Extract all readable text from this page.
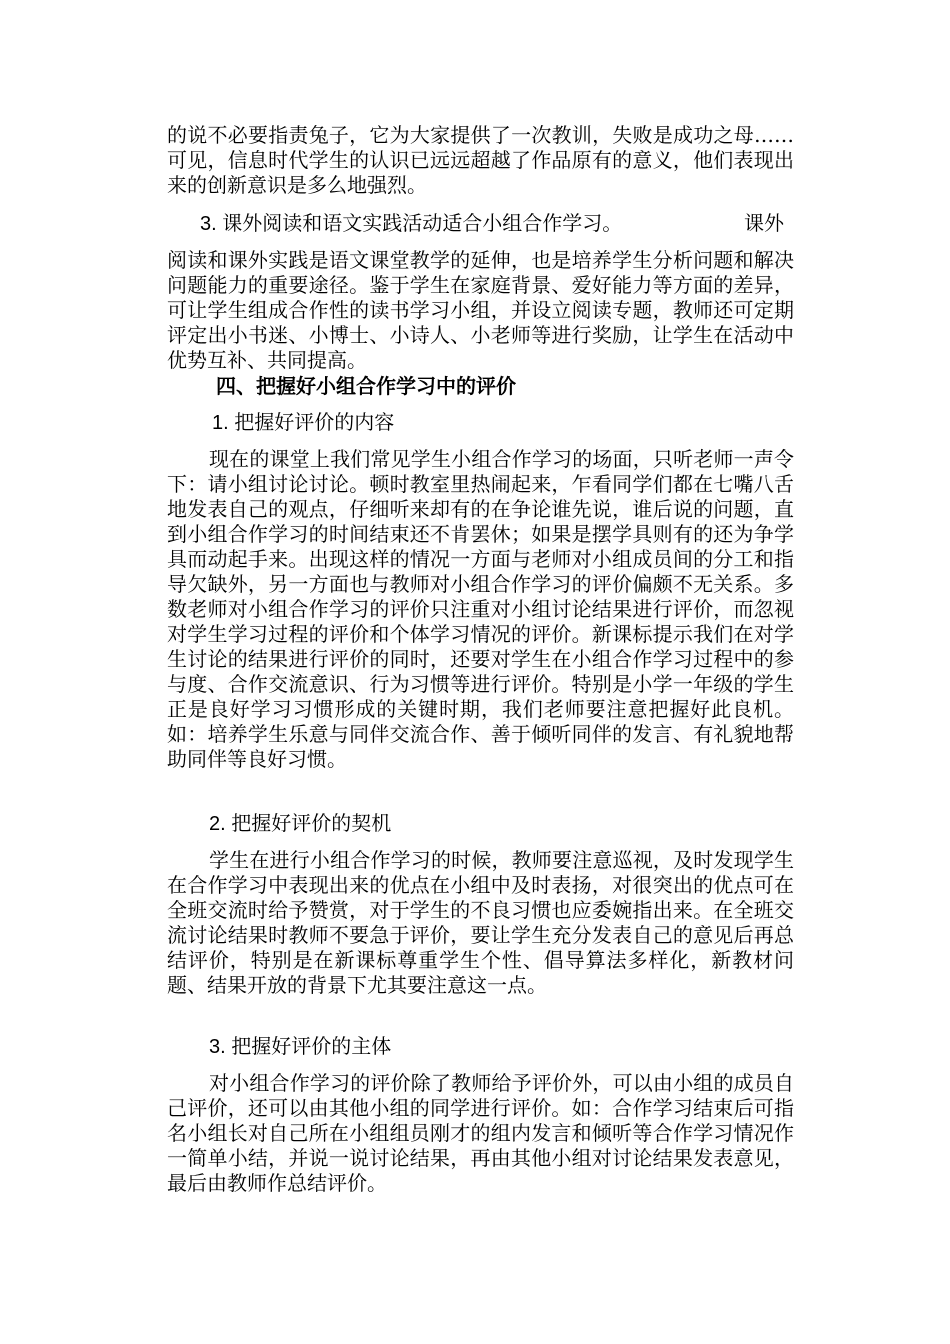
的说不必要指责兔子，它为大家提供了一次教训，失败是成功之母……可见，信息时代学生的认识已远远超越了作品原有的意义，他们表现出来的创新意识是多么地强烈。

3. 课外阅读和语文实践活动适合小组合作学习。	课外

阅读和课外实践是语文课堂教学的延伸，也是培养学生分析问题和解决问题能力的重要途径。鉴于学生在家庭背景、爱好能力等方面的差异，可让学生组成合作性的读书学习小组，并设立阅读专题，教师还可定期评定出小书迷、小博士、小诗人、小老师等进行奖励，让学生在活动中优势互补、共同提高。

四、把握好小组合作学习中的评价
1. 把握好评价的内容

现在的课堂上我们常见学生小组合作学习的场面，只听老师一声令下：请小组讨论讨论。顿时教室里热闹起来，乍看同学们都在七嘴八舌地发表自己的观点，仔细听来却有的在争论谁先说，谁后说的问题，直到小组合作学习的时间结束还不肯罢休；如果是摆学具则有的还为争学具而动起手来。出现这样的情况一方面与老师对小组成员间的分工和指导欠缺外，另一方面也与教师对小组合作学习的评价偏颇不无关系。多数老师对小组合作学习的评价只注重对小组讨论结果进行评价，而忽视对学生学习过程的评价和个体学习情况的评价。新课标提示我们在对学生讨论的结果进行评价的同时，还要对学生在小组合作学习过程中的参与度、合作交流意识、行为习惯等进行评价。特别是小学一年级的学生正是良好学习习惯形成的关键时期，我们老师要注意把握好此良机。如：培养学生乐意与同伴交流合作、善于倾听同伴的发言、有礼貌地帮助同伴等良好习惯。

2. 把握好评价的契机

学生在进行小组合作学习的时候，教师要注意巡视，及时发现学生在合作学习中表现出来的优点在小组中及时表扬，对很突出的优点可在全班交流时给予赞赏，对于学生的不良习惯也应委婉指出来。在全班交流讨论结果时教师不要急于评价，要让学生充分发表自己的意见后再总结评价，特别是在新课标尊重学生个性、倡导算法多样化，新教材问题、结果开放的背景下尤其要注意这一点。

3. 把握好评价的主体

对小组合作学习的评价除了教师给予评价外，可以由小组的成员自己评价，还可以由其他小组的同学进行评价。如：合作学习结束后可指名小组长对自己所在小组组员刚才的组内发言和倾听等合作学习情况作一简单小结，并说一说讨论结果，再由其他小组对讨论结果发表意见，最后由教师作总结评价。
